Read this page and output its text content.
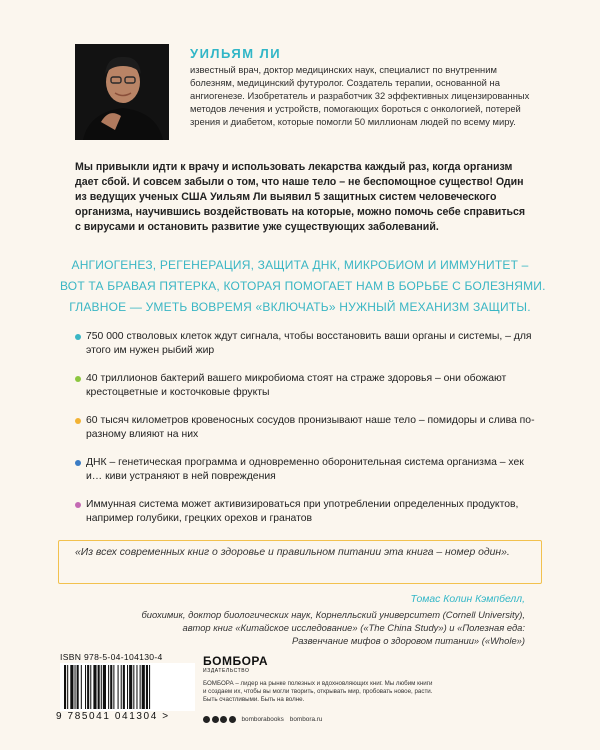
УИЛЬЯМ ЛИ
известный врач, доктор медицинских наук, специалист по внутренним болезням, медицинский футуролог. Создатель терапии, основанной на ангиогенезе. Изобретатель и разработчик 32 эффективных лицензированных методов лечения и устройств, помогающих бороться с онкологией, потерей зрения и диабетом, которые помогли 50 миллионам людей по всему миру.
Мы привыкли идти к врачу и использовать лекарства каждый раз, когда организм дает сбой. И совсем забыли о том, что наше тело – не беспомощное существо! Один из ведущих ученых США Уильям Ли выявил 5 защитных систем человеческого организма, научившись воздействовать на которые, можно помочь себе справиться с вирусами и остановить развитие уже существующих заболеваний.
АНГИОГЕНЕЗ, РЕГЕНЕРАЦИЯ, ЗАЩИТА ДНК, МИКРОБИОМ И ИММУНИТЕТ –
ВОТ ТА БРАВАЯ ПЯТЕРКА, КОТОРАЯ ПОМОГАЕТ НАМ В БОРЬБЕ С БОЛЕЗНЯМИ.
ГЛАВНОЕ — УМЕТЬ ВОВРЕМЯ «ВКЛЮЧАТЬ» НУЖНЫЙ МЕХАНИЗМ ЗАЩИТЫ.
750 000 стволовых клеток ждут сигнала, чтобы восстановить ваши органы и системы, – для этого им нужен рыбий жир
40 триллионов бактерий вашего микробиома стоят на страже здоровья – они обожают крестоцветные и косточковые фрукты
60 тысяч километров кровеносных сосудов пронизывают наше тело – помидоры и слива по-разному влияют на них
ДНК – генетическая программа и одновременно оборонительная система организма – хек и… киви устраняют в ней повреждения
Иммунная система может активизироваться при употреблении определенных продуктов, например голубики, грецких орехов и гранатов
«Из всех современных книг о здоровье и правильном питании эта книга – номер один».
Томас Колин Кэмпбелл,
биохимик, доктор биологических наук, Корнелльский университет (Cornell University),
автор книг «Китайское исследование» («The China Study») и «Полезная еда:
Развенчание мифов о здоровом питании» («Whole»)
ISBN 978-5-04-104130-4
9 785041 041304 >
БОМБОРА
ИЗДАТЕЛЬСТВО
БОМБОРА – лидер на рынке полезных и вдохновляющих книг. Мы любим книги и создаем их, чтобы вы могли творить, открывать мир, пробовать новое, расти. Быть счастливыми. Быть на волне.
bomborabooks bombora.ru
